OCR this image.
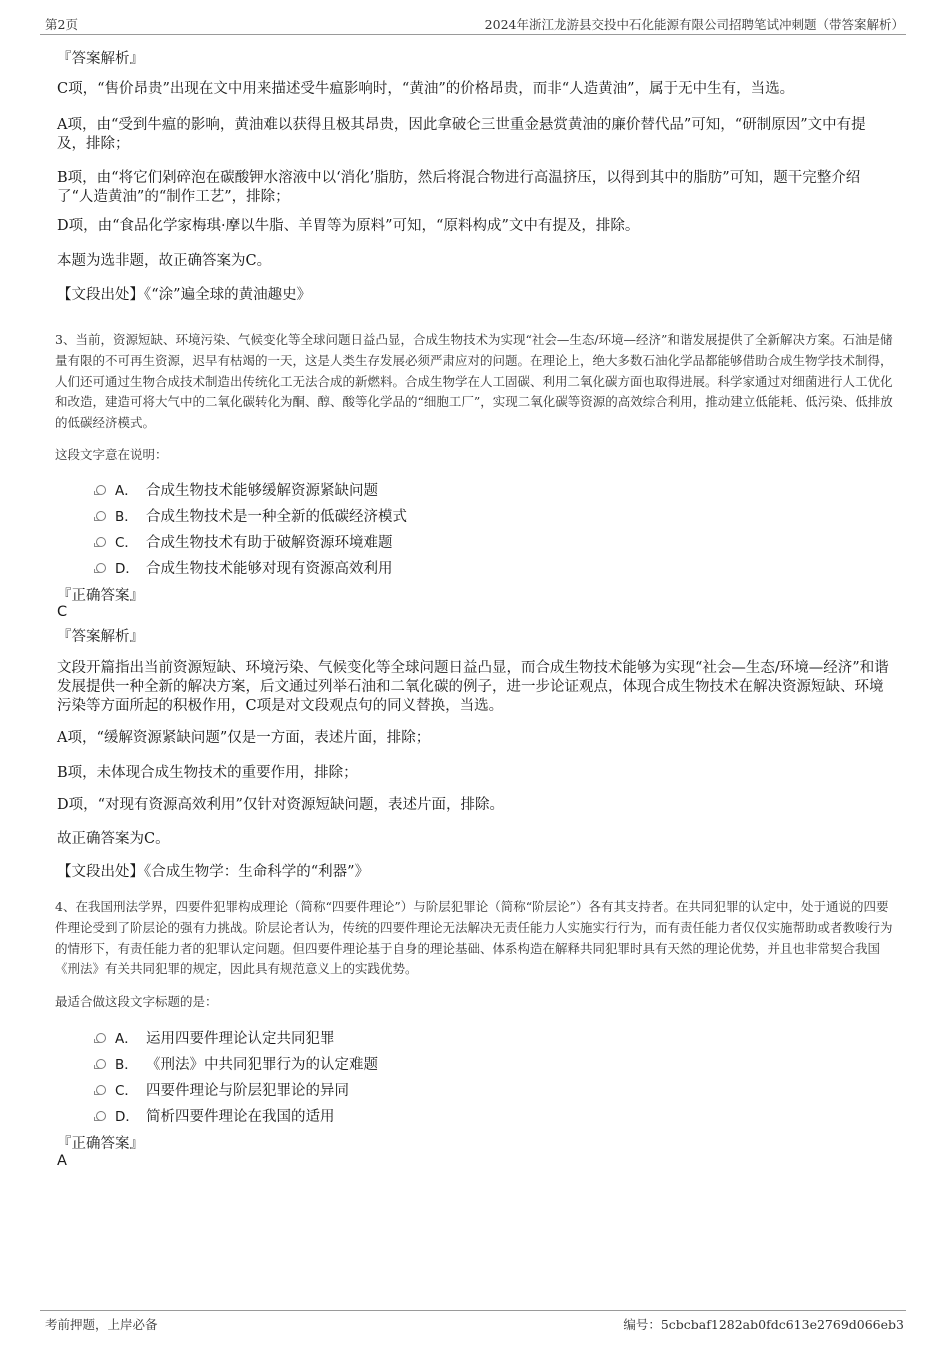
第2页	2024年浙江龙游县交投中石化能源有限公司招聘笔试冲刺题（带答案解析）

『答案解析』

C项，“售价昂贵”出现在文中用来描述受牛瘟影响时，“黄油”的价格昂贵，而非“人造黄油”，属于无中生有，当选。

A项，由“受到牛瘟的影响，黄油难以获得且极其昂贵，因此拿破仑三世重金悬赏黄油的廉价替代品”可知，“研制原因”文中有提及，排除；

B项，由“将它们剁碎泡在碳酸钾水溶液中以‘消化’脂肪，然后将混合物进行高温挤压，以得到其中的脂肪”可知，题干完整介绍了“人造黄油”的“制作工艺”，排除；

D项，由“食品化学家梅琪·摩以牛脂、羊胃等为原料”可知，“原料构成”文中有提及，排除。

本题为选非题，故正确答案为C。

【文段出处】《“涂”遍全球的黄油趣史》

3、当前，资源短缺、环境污染、气候变化等全球问题日益凸显，合成生物技术为实现“社会—生态/环境—经济”和谐发展提供了全新解决方案。石油是储量有限的不可再生资源，迟早有枯竭的一天，这是人类生存发展必须严肃应对的问题。在理论上，绝大多数石油化学品都能够借助合成生物学技术制得，人们还可通过生物合成技术制造出传统化工无法合成的新燃料。合成生物学在人工固碳、利用二氧化碳方面也取得进展。科学家通过对细菌进行人工优化和改造，建造可将大气中的二氧化碳转化为酮、醇、酸等化学品的“细胞工厂”，实现二氧化碳等资源的高效综合利用，推动建立低能耗、低污染、低排放的低碳经济模式。

这段文字意在说明：

A． 合成生物技术能够缓解资源紧缺问题
B． 合成生物技术是一种全新的低碳经济模式
C． 合成生物技术有助于破解资源环境难题
D． 合成生物技术能够对现有资源高效利用

『正确答案』

C

『答案解析』

文段开篇指出当前资源短缺、环境污染、气候变化等全球问题日益凸显，而合成生物技术能够为实现“社会—生态/环境—经济”和谐发展提供一种全新的解决方案，后文通过列举石油和二氧化碳的例子，进一步论证观点，体现合成生物技术在解决资源短缺、环境污染等方面所起的积极作用，C项是对文段观点句的同义替换，当选。

A项，“缓解资源紧缺问题”仅是一方面，表述片面，排除；

B项，未体现合成生物技术的重要作用，排除；

D项，“对现有资源高效利用”仅针对资源短缺问题，表述片面，排除。

故正确答案为C。

【文段出处】《合成生物学：生命科学的“利器”》

4、在我国刑法学界，四要件犯罪构成理论（简称“四要件理论”）与阶层犯罪论（简称“阶层论”）各有其支持者。在共同犯罪的认定中，处于通说的四要件理论受到了阶层论的强有力挑战。阶层论者认为，传统的四要件理论无法解决无责任能力人实施实行行为，而有责任能力者仅仅实施帮助或者教唆行为的情形下，有责任能力者的犯罪认定问题。但四要件理论基于自身的理论基础、体系构造在解释共同犯罪时具有天然的理论优势，并且也非常契合我国《刑法》有关共同犯罪的规定，因此具有规范意义上的实践优势。

最适合做这段文字标题的是：

A． 运用四要件理论认定共同犯罪
B． 《刑法》中共同犯罪行为的认定难题
C． 四要件理论与阶层犯罪论的异同
D． 简析四要件理论在我国的适用

『正确答案』

A

考前押题，上岸必备	编号：5cbcbaf1282ab0fdc613e2769d066eb3
